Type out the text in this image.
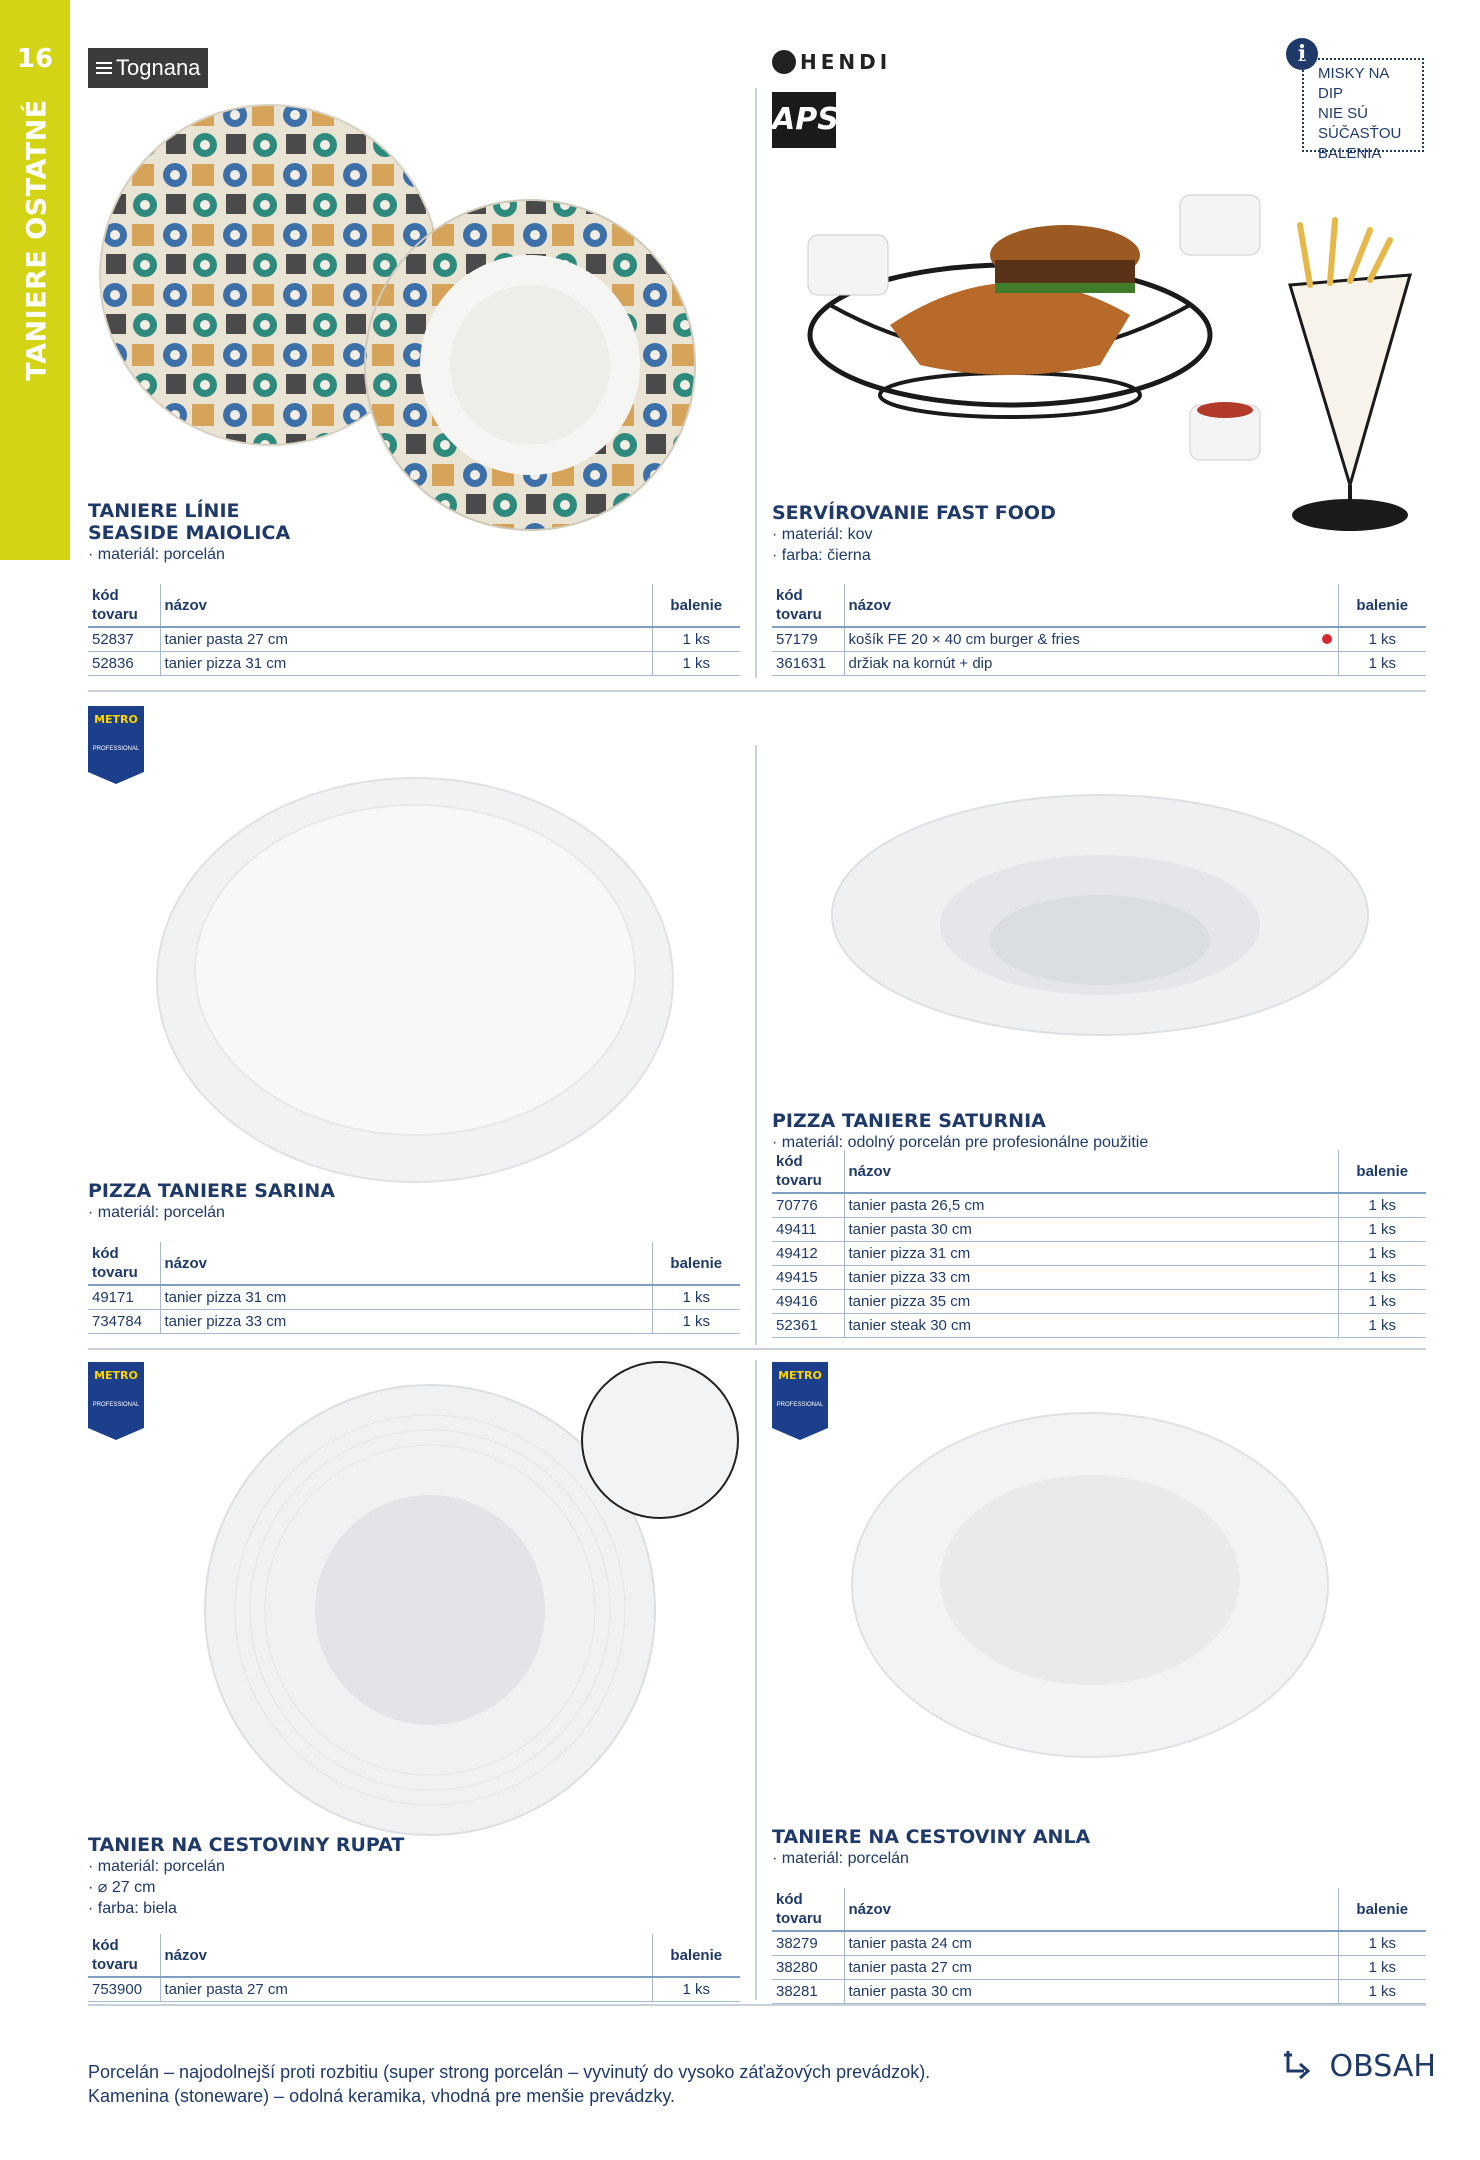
16
TANIERE OSTATNÉ
Tognana	HENDI
APS
METRO
PROFESSIONAL
METRO
PROFESSIONAL
METRO
PROFESSIONAL
i
MISKY NA DIP
NIE SÚ
SÚČASŤOU
BALENIA
TANIERE LÍNIE
SEASIDE MAIOLICA
· materiál: porcelán
kód
tovaru	názov	balenie
52837	tanier pasta 27 cm	1 ks
52836	tanier pizza 31 cm	1 ks
SERVÍROVANIE FAST FOOD
· materiál: kov
· farba: čierna
kód
tovaru	názov	balenie
57179	košík FE 20 × 40 cm burger & fries	1 ks
361631	držiak na kornút + dip	1 ks
PIZZA TANIERE SARINA
· materiál: porcelán
kód
tovaru	názov	balenie
49171	tanier pizza 31 cm	1 ks
734784	tanier pizza 33 cm	1 ks
PIZZA TANIERE SATURNIA
· materiál: odolný porcelán pre profesionálne použitie
kód
tovaru	názov	balenie
70776	tanier pasta 26,5 cm	1 ks
49411	tanier pasta 30 cm	1 ks
49412	tanier pizza 31 cm	1 ks
49415	tanier pizza 33 cm	1 ks
49416	tanier pizza 35 cm	1 ks
52361	tanier steak 30 cm	1 ks
TANIER NA CESTOVINY RUPAT
· materiál: porcelán
· ⌀ 27 cm
· farba: biela
kód
tovaru	názov	balenie
753900	tanier pasta 27 cm	1 ks
TANIERE NA CESTOVINY ANLA
· materiál: porcelán
kód
tovaru	názov	balenie
38279	tanier pasta 24 cm	1 ks
38280	tanier pasta 27 cm	1 ks
38281	tanier pasta 30 cm	1 ks
Porcelán – najodolnejší proti rozbitiu (super strong porcelán – vyvinutý do vysoko záťažových prevádzok).
Kamenina (stoneware) – odolná keramika, vhodná pre menšie prevádzky.
OBSAH
